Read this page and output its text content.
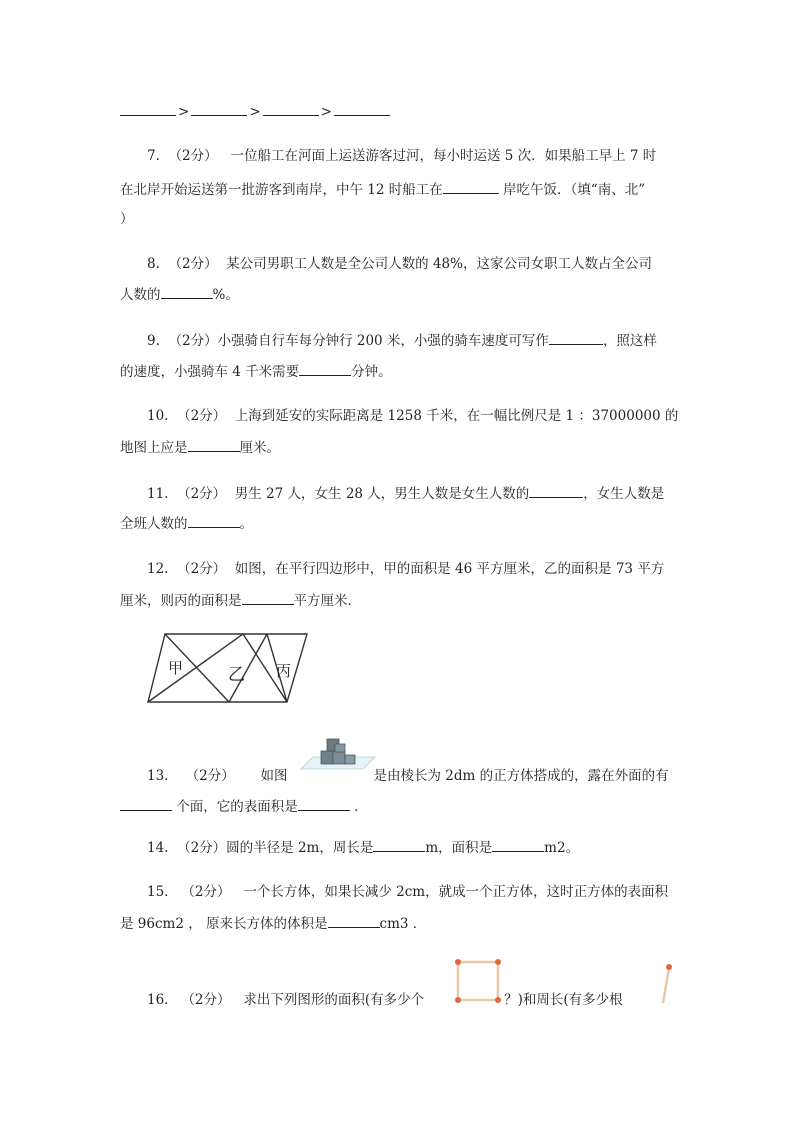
>	>	>
7. （2分） 一位船工在河面上运送游客过河，每小时运送 5 次．如果船工早上 7 时
在北岸开始运送第一批游客到南岸，中午 12 时船工在	岸吃午饭．（填“南、北”
）
8. （2分） 某公司男职工人数是全公司人数的 48%，这家公司女职工人数占全公司
人数的	%。
9. （2分）小强骑自行车每分钟行 200 米，小强的骑车速度可写作	，照这样
的速度，小强骑车 4 千米需要	分钟。
10. （2分） 上海到延安的实际距离是 1258 千米，在一幅比例尺是 1 ：37000000 的
地图上应是	厘米。
11. （2分） 男生 27 人，女生 28 人，男生人数是女生人数的	，女生人数是
全班人数的	。
12. （2分） 如图，在平行四边形中，甲的面积是 46 平方厘米，乙的面积是 73 平方
厘米，则丙的面积是	平方厘米．
甲	乙 丙
13. （2分） 如图	是由棱长为 2dm 的正方体搭成的，露在外面的有
个面，它的表面积是	．
14. （2分）圆的半径是 2m，周长是	m，面积是	m2。
15. （2分） 一个长方体，如果长减少 2cm，就成一个正方体，这时正方体的表面积
是 96cm2 ， 原来长方体的体积是	cm3 ．
16. （2分） 求出下列图形的面积(有多少个	？)和周长(有多少根
